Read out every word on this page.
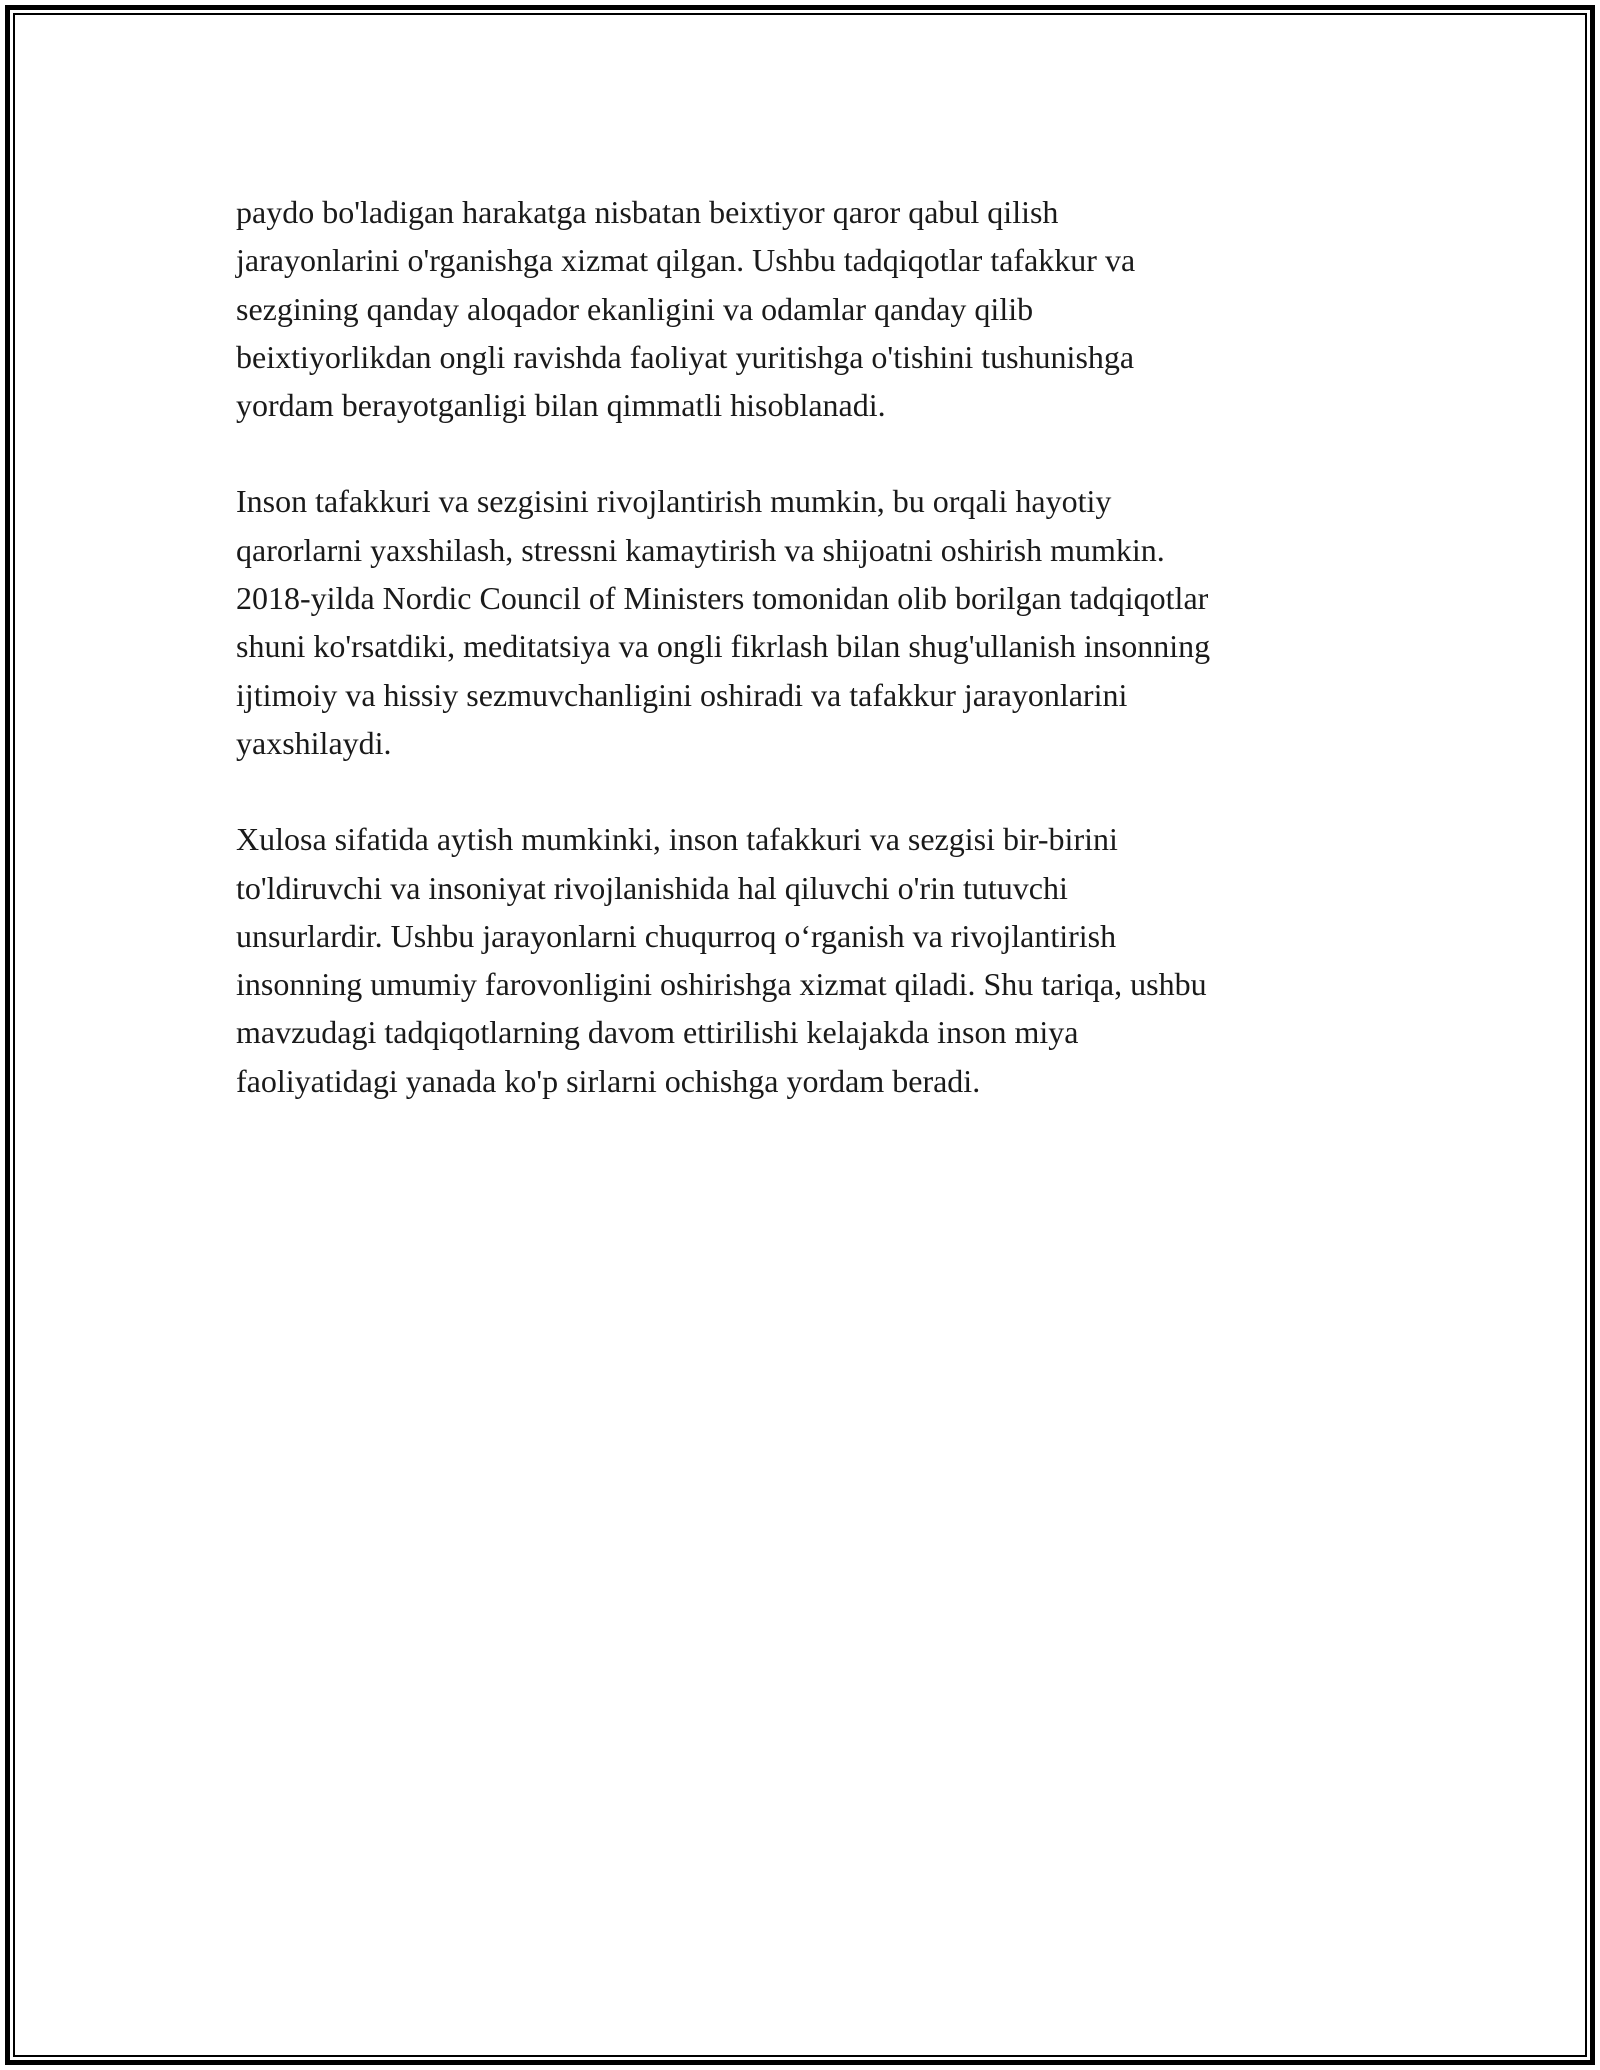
paydo bo'ladigan harakatga nisbatan beixtiyor qaror qabul qilish
jarayonlarini o'rganishga xizmat qilgan. Ushbu tadqiqotlar tafakkur va
sezgining qanday aloqador ekanligini va odamlar qanday qilib
beixtiyorlikdan ongli ravishda faoliyat yuritishga o'tishini tushunishga
yordam berayotganligi bilan qimmatli hisoblanadi.

Inson tafakkuri va sezgisini rivojlantirish mumkin, bu orqali hayotiy
qarorlarni yaxshilash, stressni kamaytirish va shijoatni oshirish mumkin.
2018-yilda Nordic Council of Ministers tomonidan olib borilgan tadqiqotlar
shuni ko'rsatdiki, meditatsiya va ongli fikrlash bilan shug'ullanish insonning
ijtimoiy va hissiy sezmuvchanligini oshiradi va tafakkur jarayonlarini
yaxshilaydi.

Xulosa sifatida aytish mumkinki, inson tafakkuri va sezgisi bir-birini
to'ldiruvchi va insoniyat rivojlanishida hal qiluvchi o'rin tutuvchi
unsurlardir. Ushbu jarayonlarni chuqurroq o‘rganish va rivojlantirish
insonning umumiy farovonligini oshirishga xizmat qiladi. Shu tariqa, ushbu
mavzudagi tadqiqotlarning davom ettirilishi kelajakda inson miya
faoliyatidagi yanada ko'p sirlarni ochishga yordam beradi.
